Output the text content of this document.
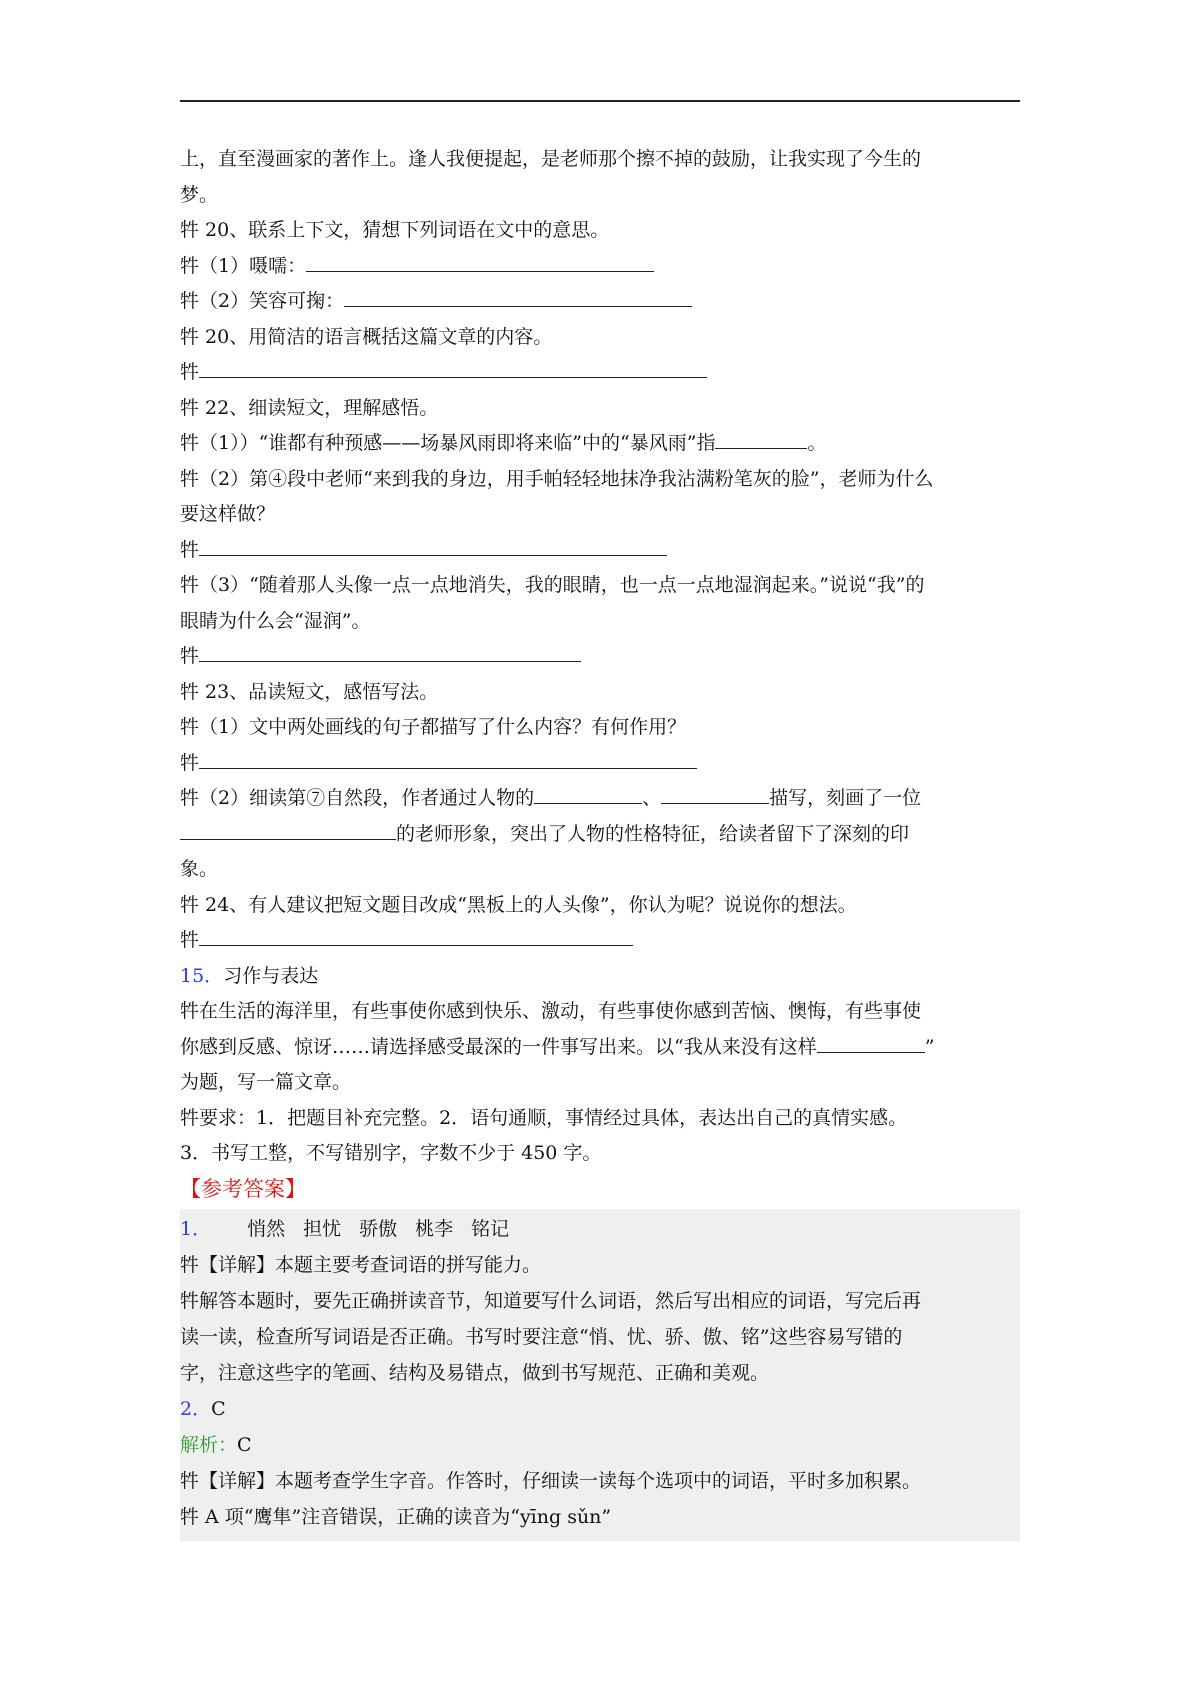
上，直至漫画家的著作上。逢人我便提起，是老师那个擦不掉的鼓励，让我实现了今生的
梦。
牪 20、联系上下文，猜想下列词语在文中的意思。
牪（1）嗫嚅：
牪（2）笑容可掬：
牪 20、用简洁的语言概括这篇文章的内容。
牪
牪 22、细读短文，理解感悟。
牪（1））“谁都有种预感——场暴风雨即将来临”中的“暴风雨”指	。
牪（2）第④段中老师“来到我的身边，用手帕轻轻地抹净我沾满粉笔灰的脸”，老师为什么
要这样做？
牪
牪（3）“随着那人头像一点一点地消失，我的眼睛，也一点一点地湿润起来。”说说“我”的
眼睛为什么会“湿润”。
牪
牪 23、品读短文，感悟写法。
牪（1）文中两处画线的句子都描写了什么内容？有何作用？
牪
牪（2）细读第⑦自然段，作者通过人物的	、	描写，刻画了一位
的老师形象，突出了人物的性格特征，给读者留下了深刻的印
象。
牪 24、有人建议把短文题目改成“黑板上的人头像”，你认为呢？说说你的想法。
牪
15．习作与表达
牪在生活的海洋里，有些事使你感到快乐、激动，有些事使你感到苦恼、懊悔，有些事使
你感到反感、惊讶……请选择感受最深的一件事写出来。以“我从来没有这样	”
为题，写一篇文章。
牪要求：1．把题目补充完整。2．语句通顺，事情经过具体，表达出自己的真情实感。
3．书写工整，不写错别字，字数不少于 450 字。
【参考答案】
1． 悄然 担忧 骄傲 桃李 铭记
牪【详解】本题主要考查词语的拼写能力。
牪解答本题时，要先正确拼读音节，知道要写什么词语，然后写出相应的词语，写完后再
读一读，检查所写词语是否正确。书写时要注意“悄、忧、骄、傲、铭”这些容易写错的
字，注意这些字的笔画、结构及易错点，做到书写规范、正确和美观。
2．C
解析：C
牪【详解】本题考查学生字音。作答时，仔细读一读每个选项中的词语，平时多加积累。
牪 A 项“鹰隼”注音错误，正确的读音为“yīng sǔn”
